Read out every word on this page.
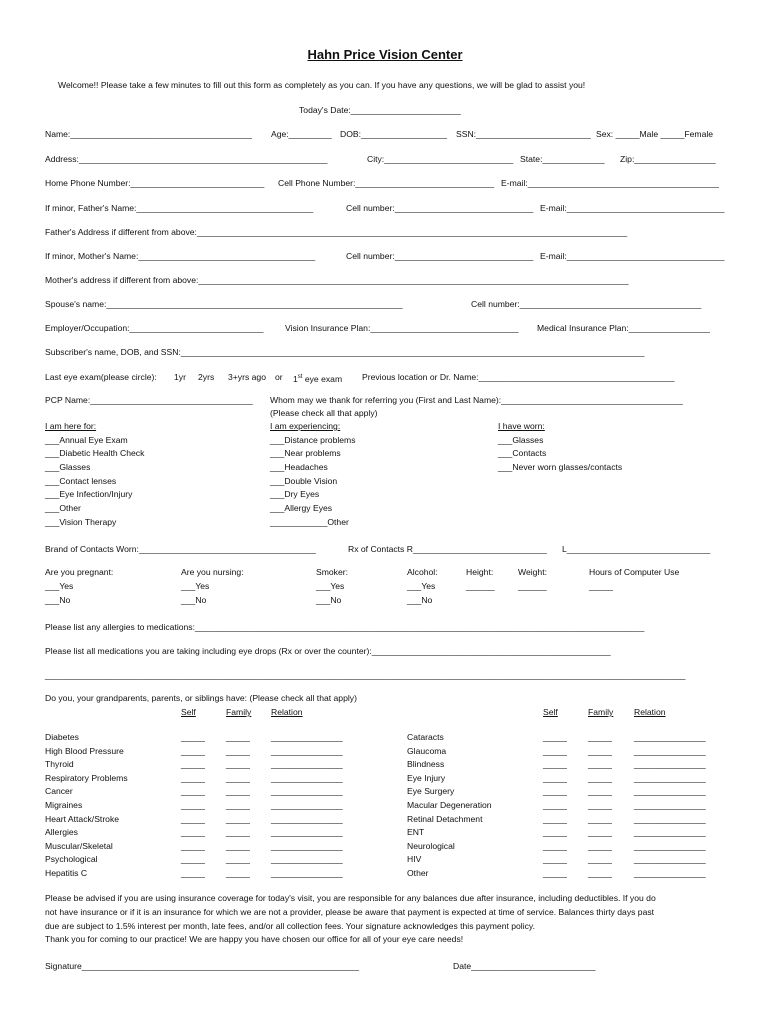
Hahn Price Vision Center
Welcome!! Please take a few minutes to fill out this form as completely as you can. If you have any questions, we will be glad to assist you!
Today's Date:_______________________
Name:______________________________________ Age:_________ DOB:__________________ SSN:________________________ Sex: _____Male _____Female
Address:____________________________________________________	City:___________________________ State:_____________ Zip:_________________
Home Phone Number:____________________________ Cell Phone Number:_____________________________ E-mail:________________________________________
If minor, Father's Name:_____________________________________	Cell number:_____________________________ E-mail:_________________________________
Father's Address if different from above:__________________________________________________________________________________________
If minor, Mother's Name:_____________________________________	Cell number:_____________________________ E-mail:_________________________________
Mother's address if different from above:__________________________________________________________________________________________
Spouse's name:______________________________________________________________	Cell number:______________________________________
Employer/Occupation:____________________________	Vision Insurance Plan:_______________________________ Medical Insurance Plan:_________________
Subscriber's name, DOB, and SSN:_________________________________________________________________________________________________
Last eye exam(please circle): 1yr 2yrs 3+yrs ago or 1st eye exam Previous location or Dr. Name:_________________________________________
PCP Name:__________________________________ Whom may we thank for referring you (First and Last Name):______________________________________
(Please check all that apply)
I am here for:
___Annual Eye Exam
___Diabetic Health Check
___Glasses
___Contact lenses
___Eye Infection/Injury
___Other
___Vision Therapy
I am experiencing:
___Distance problems
___Near problems
___Headaches
___Double Vision
___Dry Eyes
___Allergy Eyes
____________Other
I have worn:
___Glasses
___Contacts
___Never worn glasses/contacts
Brand of Contacts Worn:_____________________________________	Rx of Contacts R____________________________ L______________________________
Are you pregnant:
___Yes
___No
Are you nursing:
___Yes
___No
Smoker:
___Yes
___No
Alcohol:
___Yes
___No
Height:
______
Weight:
______
Hours of Computer Use
_____
Please list any allergies to medications:______________________________________________________________________________________________
Please list all medications you are taking including eye drops (Rx or over the counter):__________________________________________________
______________________________________________________________________________________________________________________________________
Do you, your grandparents, parents, or siblings have: (Please check all that apply)
Self	Family Relation	Self	Family Relation
Diabetes	_____ _____ _______________
High Blood Pressure	_____ _____ _______________
Thyroid	_____ _____ _______________
Respiratory Problems	_____ _____ _______________
Cancer	_____ _____ _______________
Migraines	_____ _____ _______________
Heart Attack/Stroke	_____ _____ _______________
Allergies	_____ _____ _______________
Muscular/Skeletal	_____ _____ _______________
Psychological	_____ _____ _______________
Hepatitis C	_____ _____ _______________
Cataracts	_____ _____	_______________
Glaucoma	_____ _____	_______________
Blindness	_____ _____	_______________
Eye Injury	_____ _____	_______________
Eye Surgery	_____ _____	_______________
Macular Degeneration	_____ _____	_______________
Retinal Detachment	_____ _____	_______________
ENT	_____ _____	_______________
Neurological	_____ _____	_______________
HIV	_____ _____	_______________
Other	_____ _____	_______________
Please be advised if you are using insurance coverage for today's visit, you are responsible for any balances due after insurance, including deductibles. If you do
not have insurance or if it is an insurance for which we are not a provider, please be aware that payment is expected at time of service. Balances thirty days past
due are subject to 1.5% interest per month, late fees, and/or all collection fees. Your signature acknowledges this payment policy.
Thank you for coming to our practice! We are happy you have chosen our office for all of your eye care needs!
Signature__________________________________________________________	Date__________________________
